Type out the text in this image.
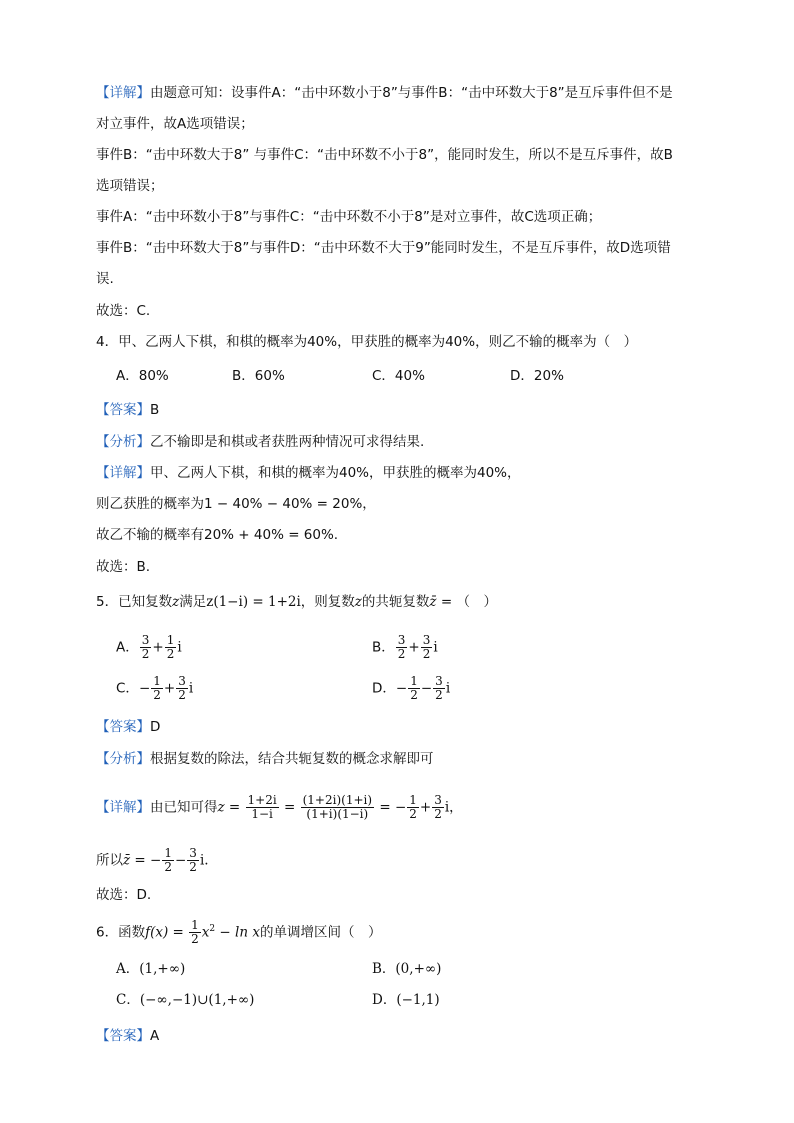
【详解】由题意可知：设事件A：“击中环数小于8”与事件B：“击中环数大于8”是互斥事件但不是
对立事件，故A选项错误；
事件B：“击中环数大于8” 与事件C：“击中环数不小于8”，能同时发生，所以不是互斥事件，故B
选项错误；
事件A：“击中环数小于8”与事件C：“击中环数不小于8”是对立事件，故C选项正确；
事件B：“击中环数大于8”与事件D：“击中环数不大于9”能同时发生，不是互斥事件，故D选项错
误.
故选：C.
4．甲、乙两人下棋，和棋的概率为40%，甲获胜的概率为40%，则乙不输的概率为（　）
A．80%	B．60%	C．40%	D．20%
【答案】B
【分析】乙不输即是和棋或者获胜两种情况可求得结果.
【详解】甲、乙两人下棋，和棋的概率为40%，甲获胜的概率为40%，
则乙获胜的概率为1 − 40% − 40% = 20%，
故乙不输的概率有20% + 40% = 60%.
故选：B.
5．已知复数z满足z(1−i) = 1+2i，则复数z的共轭复数z̄ = （　）
A． $\frac{3}{2} + \frac{1}{2}$ i	B． $\frac{3}{2} + \frac{3}{2}$ i
C．− $\frac{1}{2} + \frac{3}{2}$ i	D．− $\frac{1}{2} - \frac{3}{2}$ i
【答案】D
【分析】根据复数的除法，结合共轭复数的概念求解即可
【详解】由已知可得$z = \frac{1+2i}{1-i} = \frac{(1+2i)(1+i)}{(1+i)(1-i)}$ = − $\frac{1}{2} + \frac{3}{2}$ i，
所以z̄ = − $\frac{1}{2} - \frac{3}{2} i$.
故选：D.
6．函数$f(x) = \frac{1}{2} x^2 - \ln x$的单调增区间（　）
A．(1,+∞)	B．(0,+∞)
C．(−∞,−1)∪(1,+∞)	D．(−1,1)
【答案】A
